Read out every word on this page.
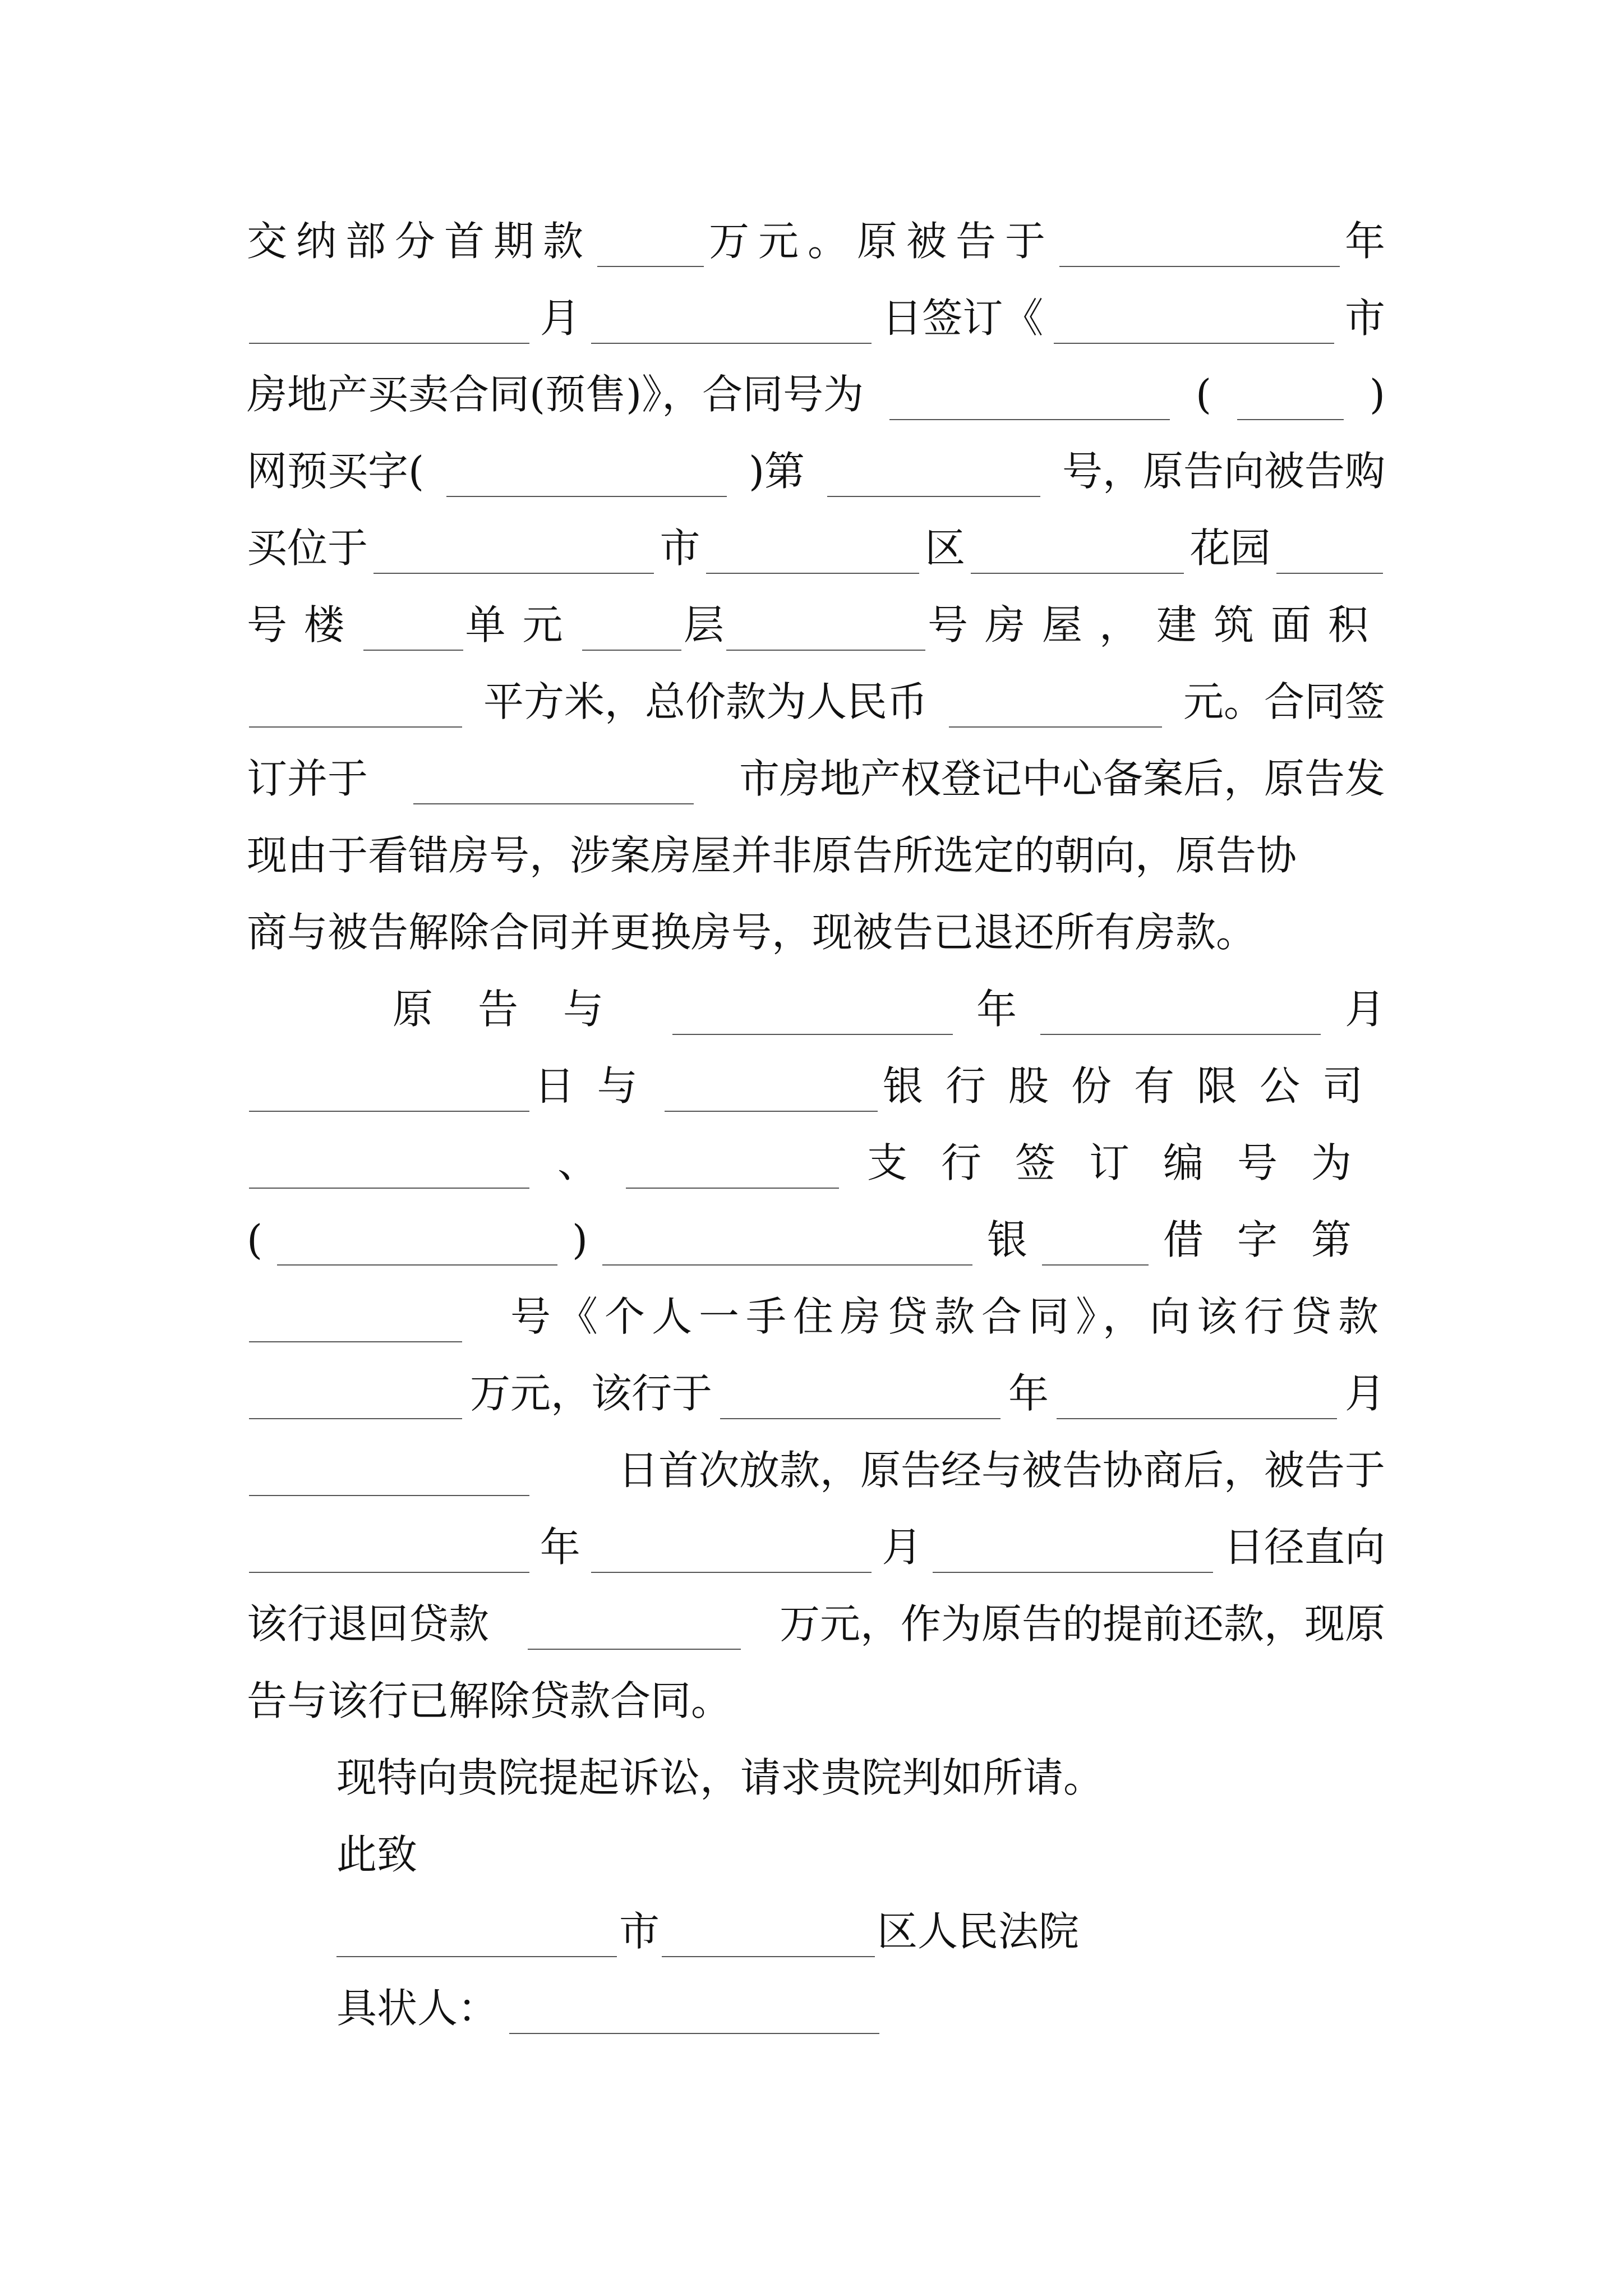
交纳部分首期款	万元。原被告于	年
月	日签订《	市
房地产买卖合同(预售)》，合同号为	(	)
网预买字(	)第	号，原告向被告购
买位于	市	区	花园
号楼	单元	层	号房屋，建筑面积
平方米，总价款为人民币	元。合同签
订并于	市房地产权登记中心备案后，原告发
现由于看错房号，涉案房屋并非原告所选定的朝向，原告协
商与被告解除合同并更换房号，现被告已退还所有房款。
原告与	年	月
日与	银行股份有限公司
、	支行签订编号为
(	)	银	借字第
号《个人一手住房贷款合同》，向该行贷款
万元，该行于	年	月
日首次放款，原告经与被告协商后，被告于
年	月	日径直向
该行退回贷款	万元，作为原告的提前还款，现原
告与该行已解除贷款合同。
现特向贵院提起诉讼，请求贵院判如所请。
此致
市	区人民法院
具状人：
